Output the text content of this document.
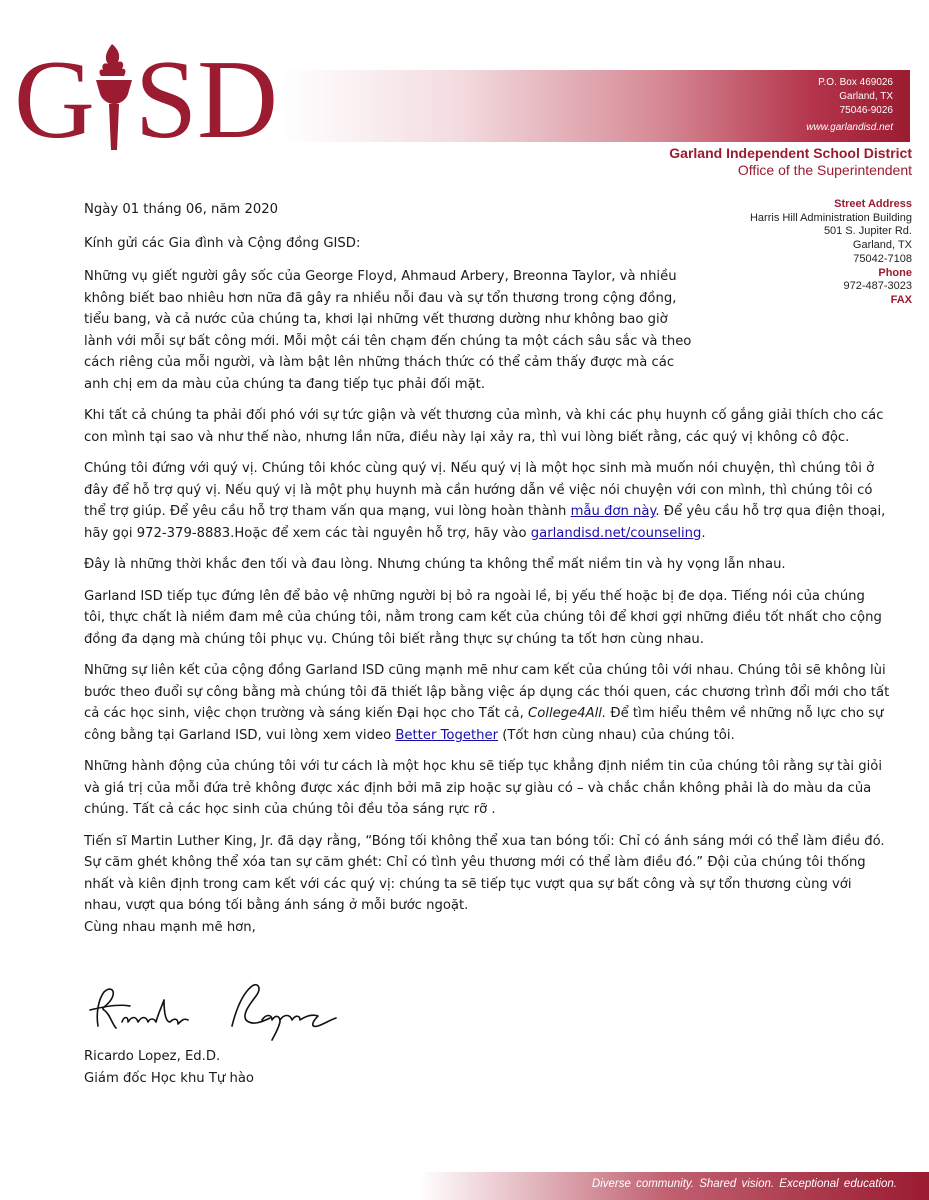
G SD	P.O. Box 469026
Garland, TX
75046-9026
www.garlandisd.net
Garland Independent School District
Office of the Superintendent
Street Address
Harris Hill Administration Building
501 S. Jupiter Rd.
Garland, TX
75042-7108
Phone
972-487-3023
FAX

Ngày 01 tháng 06, năm 2020

Kính gửi các Gia đình và Cộng đồng GISD:

Những vụ giết người gây sốc của George Floyd, Ahmaud Arbery, Breonna Taylor, và nhiều không biết bao nhiêu hơn nữa đã gây ra nhiều nỗi đau và sự tổn thương trong cộng đồng, tiểu bang, và cả nước của chúng ta, khơi lại những vết thương dường như không bao giờ lành với mỗi sự bất công mới. Mỗi một cái tên chạm đến chúng ta một cách sâu sắc và theo cách riêng của mỗi người, và làm bật lên những thách thức có thể cảm thấy được mà các anh chị em da màu của chúng ta đang tiếp tục phải đối mặt.

Khi tất cả chúng ta phải đối phó với sự tức giận và vết thương của mình, và khi các phụ huynh cố gắng giải thích cho các con mình tại sao và như thế nào, nhưng lần nữa, điều này lại xảy ra, thì vui lòng biết rằng, các quý vị không cô độc.

Chúng tôi đứng với quý vị. Chúng tôi khóc cùng quý vị. Nếu quý vị là một học sinh mà muốn nói chuyện, thì chúng tôi ở đây để hỗ trợ quý vị. Nếu quý vị là một phụ huynh mà cần hướng dẫn về việc nói chuyện với con mình, thì chúng tôi có thể trợ giúp. Để yêu cầu hỗ trợ tham vấn qua mạng, vui lòng hoàn thành mẫu đơn này. Để yêu cầu hỗ trợ qua điện thoại, hãy gọi 972-379-8883.Hoặc để xem các tài nguyên hỗ trợ, hãy vào garlandisd.net/counseling.

Đây là những thời khắc đen tối và đau lòng. Nhưng chúng ta không thể mất niềm tin và hy vọng lẫn nhau.

Garland ISD tiếp tục đứng lên để bảo vệ những người bị bỏ ra ngoài lề, bị yếu thế hoặc bị đe dọa. Tiếng nói của chúng tôi, thực chất là niềm đam mê của chúng tôi, nằm trong cam kết của chúng tôi để khơi gợi những điều tốt nhất cho cộng đồng đa dạng mà chúng tôi phục vụ. Chúng tôi biết rằng thực sự chúng ta tốt hơn cùng nhau.

Những sự liên kết của cộng đồng Garland ISD cũng mạnh mẽ như cam kết của chúng tôi với nhau. Chúng tôi sẽ không lùi bước theo đuổi sự công bằng mà chúng tôi đã thiết lập bằng việc áp dụng các thói quen, các chương trình đổi mới cho tất cả các học sinh, việc chọn trường và sáng kiến Đại học cho Tất cả, College4All. Để tìm hiểu thêm về những nỗ lực cho sự công bằng tại Garland ISD, vui lòng xem video Better Together (Tốt hơn cùng nhau) của chúng tôi.

Những hành động của chúng tôi với tư cách là một học khu sẽ tiếp tục khẳng định niềm tin của chúng tôi rằng sự tài giỏi và giá trị của mỗi đứa trẻ không được xác định bởi mã zip hoặc sự giàu có – và chắc chắn không phải là do màu da của chúng. Tất cả các học sinh của chúng tôi đều tỏa sáng rực rỡ .

Tiến sĩ Martin Luther King, Jr. đã dạy rằng, “Bóng tối không thể xua tan bóng tối: Chỉ có ánh sáng mới có thể làm điều đó. Sự căm ghét không thể xóa tan sự căm ghét: Chỉ có tình yêu thương mới có thể làm điều đó.” Đội của chúng tôi thống nhất và kiên định trong cam kết với các quý vị: chúng ta sẽ tiếp tục vượt qua sự bất công và sự tổn thương cùng với nhau, vượt qua bóng tối bằng ánh sáng ở mỗi bước ngoặt.

Cùng nhau mạnh mẽ hơn,

Ricardo Lopez, Ed.D.
Giám đốc Học khu Tự hào
Diverse community. Shared vision. Exceptional education.
